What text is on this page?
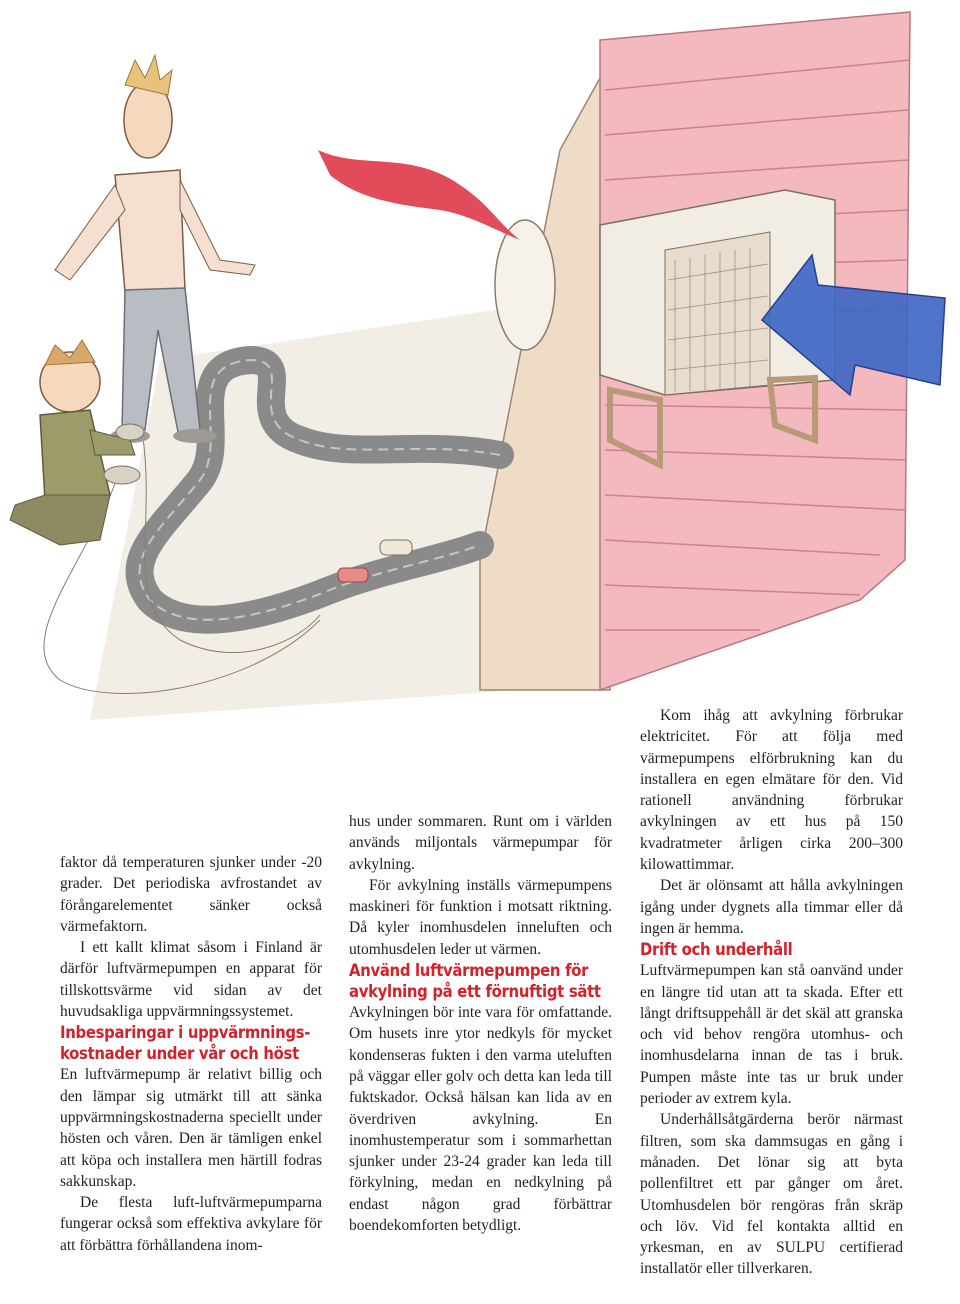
faktor då temperaturen sjunker under -20 grader. Det periodiska avfrostandet av förångarelementet sänker också värmefaktorn.

I ett kallt klimat såsom i Finland är därför luftvärmepumpen en apparat för tillskottsvärme vid sidan av det huvudsakliga uppvärmningssystemet.

Inbesparingar i uppvärmnings-kostnader under vår och höst

En luftvärmepump är relativt billig och den lämpar sig utmärkt till att sänka uppvärmningskostnaderna speciellt under hösten och våren. Den är tämligen enkel att köpa och installera men härtill fodras sakkunskap.

De flesta luft-luftvärmepumparna fungerar också som effektiva avkylare för att förbättra förhållandena inom-

hus under sommaren. Runt om i världen används miljontals värmepumpar för avkylning.

För avkylning inställs värmepumpens maskineri för funktion i motsatt riktning. Då kyler inomhusdelen inneluften och utomhusdelen leder ut värmen.

Använd luftvärmepumpen för avkylning på ett förnuftigt sätt

Avkylningen bör inte vara för omfattande. Om husets inre ytor nedkyls för mycket kondenseras fukten i den varma uteluften på väggar eller golv och detta kan leda till fuktskador. Också hälsan kan lida av en överdriven avkylning. En inomhustemperatur som i sommarhettan sjunker under 23-24 grader kan leda till förkylning, medan en nedkylning på endast någon grad förbättrar boendekomforten betydligt.

Kom ihåg att avkylning förbrukar elektricitet. För att följa med värmepumpens elförbrukning kan du installera en egen elmätare för den. Vid rationell användning förbrukar avkylningen av ett hus på 150 kvadratmeter årligen cirka 200–300 kilowattimmar.

Det är olönsamt att hålla avkylningen igång under dygnets alla timmar eller då ingen är hemma.

Drift och underhåll

Luftvärmepumpen kan stå oanvänd under en längre tid utan att ta skada. Efter ett långt driftsuppehåll är det skäl att granska och vid behov rengöra utomhus- och inomhusdelarna innan de tas i bruk. Pumpen måste inte tas ur bruk under perioder av extrem kyla.

Underhållsåtgärderna berör närmast filtren, som ska dammsugas en gång i månaden. Det lönar sig att byta pollenfiltret ett par gånger om året. Utomhusdelen bör rengöras från skräp och löv. Vid fel kontakta alltid en yrkesman, en av SULPU certifierad installatör eller tillverkaren.
